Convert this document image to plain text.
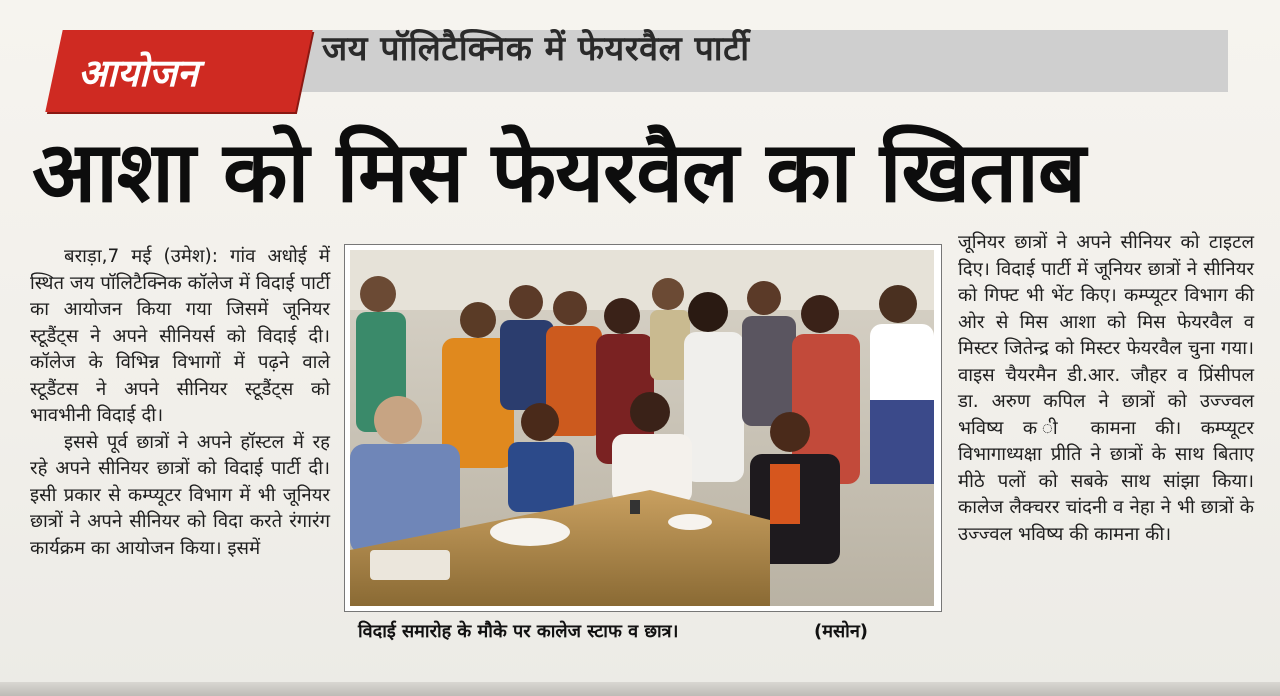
जय पॉलिटैक्निक में फेयरवैल पार्टी
आयोजन
आशा को मिस फेयरवैल का खिताब

बराड़ा,7 मई (उमेश): गांव अधोई में स्थित जय पॉलिटैक्निक कॉलेज में विदाई पार्टी का आयोजन किया गया जिसमें जूनियर स्टूडैंट्स ने अपने सीनियर्स को विदाई दी। कॉलेज के विभिन्न विभागों में पढ़ने वाले स्टूडैंटस ने अपने सीनियर स्टूडैंट्स को भावभीनी विदाई दी।

इससे पूर्व छात्रों ने अपने हॉस्टल में रह रहे अपने सीनियर छात्रों को विदाई पार्टी दी। इसी प्रकार से कम्प्यूटर विभाग में भी जूनियर छात्रों ने अपने सीनियर को विदा करते रंगारंग कार्यक्रम का आयोजन किया। इसमें

विदाई समारोह के मौके पर कालेज स्टाफ व छात्र।	(मसोन)

जूनियर छात्रों ने अपने सीनियर को टाइटल दिए। विदाई पार्टी में जूनियर छात्रों ने सीनियर को गिफ्ट भी भेंट किए। कम्प्यूटर विभाग की ओर से मिस आशा को मिस फेयरवैल व मिस्टर जितेन्द्र को मिस्टर फेयरवैल चुना गया। वाइस चैयरमैन डी.आर. जौहर व प्रिंसीपल डा. अरुण कपिल ने छात्रों को उज्ज्वल भविष्य क ी कामना की। कम्प्यूटर विभागाध्यक्षा प्रीति ने छात्रों के साथ बिताए मीठे पलों को सबके साथ सांझा किया। कालेज लैक्चरर चांदनी व नेहा ने भी छात्रों के उज्ज्वल भविष्य की कामना की।
